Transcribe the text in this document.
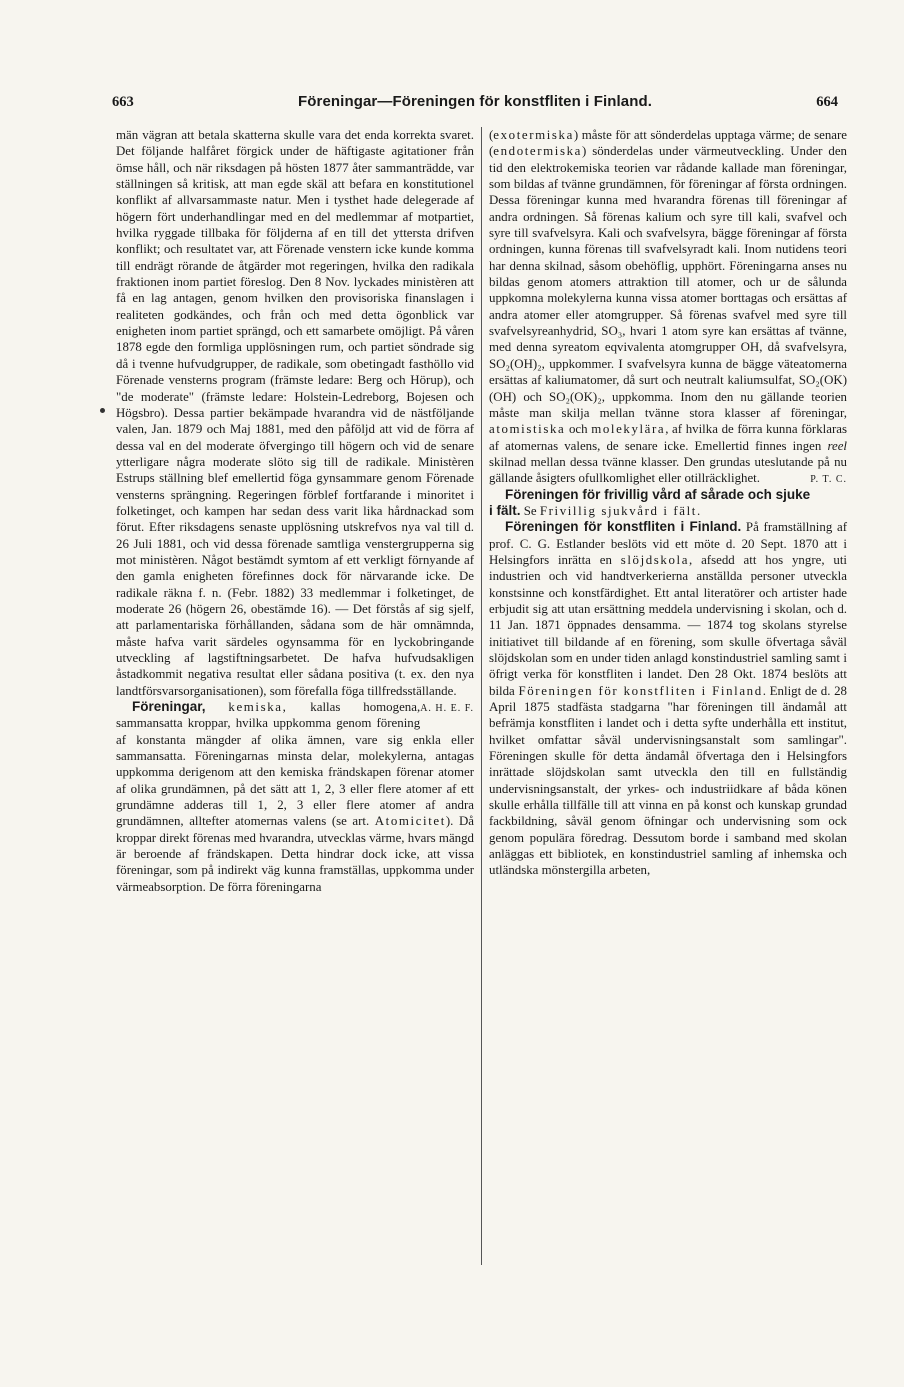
663	Föreningar—Föreningen för konstfliten i Finland.	664

män vägran att betala skatterna skulle vara det enda korrekta svaret. Det följande halfåret förgick under de häftigaste agitationer från ömse håll, och när riksdagen på hösten 1877 åter sammanträdde, var ställningen så kritisk, att man egde skäl att befara en konstitutionel konflikt af allvarsammaste natur. Men i tysthet hade delegerade af högern fört underhandlingar med en del medlemmar af motpartiet, hvilka ryggade tillbaka för följderna af en till det yttersta drifven konflikt; och resultatet var, att Förenade venstern icke kunde komma till endrägt rörande de åtgärder mot regeringen, hvilka den radikala fraktionen inom partiet föreslog. Den 8 Nov. lyckades ministèren att få en lag antagen, genom hvilken den provisoriska finanslagen i realiteten godkändes, och från och med detta ögonblick var enigheten inom partiet sprängd, och ett samarbete omöjligt. På våren 1878 egde den formliga upplösningen rum, och partiet söndrade sig då i tvenne hufvudgrupper, de radikale, som obetingadt fasthöllo vid Förenade vensterns program (främste ledare: Berg och Hörup), och "de moderate" (främste ledare: Holstein-Ledreborg, Bojesen och Högsbro). Dessa partier bekämpade hvarandra vid de nästföljande valen, Jan. 1879 och Maj 1881, med den påföljd att vid de förra af dessa val en del moderate öfvergingo till högern och vid de senare ytterligare några moderate slöto sig till de radikale. Ministèren Estrups ställning blef emellertid föga gynsammare genom Förenade vensterns sprängning. Regeringen förblef fortfarande i minoritet i folketinget, och kampen har sedan dess varit lika hårdnackad som förut. Efter riksdagens senaste upplösning utskrefvos nya val till d. 26 Juli 1881, och vid dessa förenade samtliga venstergrupperna sig mot ministèren. Något bestämdt symtom af ett verkligt förnyande af den gamla enigheten förefinnes dock för närvarande icke. De radikale räkna f. n. (Febr. 1882) 33 medlemmar i folketinget, de moderate 26 (högern 26, obestämde 16). — Det förstås af sig sjelf, att parlamentariska förhållanden, sådana som de här omnämnda, måste hafva varit särdeles ogynsamma för en lyckobringande utveckling af lagstiftningsarbetet. De hafva hufvudsakligen åstadkommit negativa resultat eller sådana positiva (t. ex. den nya landtförsvarsorganisationen), som förefalla föga tillfredsställande.
A. H. E. F.

Föreningar, kemiska, kallas homogena, sammansatta kroppar, hvilka uppkomma genom förening af konstanta mängder af olika ämnen, vare sig enkla eller sammansatta. Föreningarnas minsta delar, molekylerna, antagas uppkomma derigenom att den kemiska frändskapen förenar atomer af olika grundämnen, på det sätt att 1, 2, 3 eller flere atomer af ett grundämne adderas till 1, 2, 3 eller flere atomer af andra grundämnen, alltefter atomernas valens (se art. Atomicitet). Då kroppar direkt förenas med hvarandra, utvecklas värme, hvars mängd är beroende af frändskapen. Detta hindrar dock icke, att vissa föreningar, som på indirekt väg kunna framställas, uppkomma under värmeabsorption. De förra föreningarna

(exotermiska) måste för att sönderdelas upptaga värme; de senare (endotermiska) sönderdelas under värmeutveckling. Under den tid den elektrokemiska teorien var rådande kallade man föreningar, som bildas af tvänne grundämnen, för föreningar af första ordningen. Dessa föreningar kunna med hvarandra förenas till föreningar af andra ordningen. Så förenas kalium och syre till kali, svafvel och syre till svafvelsyra. Kali och svafvelsyra, bägge föreningar af första ordningen, kunna förenas till svafvelsyradt kali. Inom nutidens teori har denna skilnad, såsom obehöflig, upphört. Föreningarna anses nu bildas genom atomers attraktion till atomer, och ur de sålunda uppkomna molekylerna kunna vissa atomer borttagas och ersättas af andra atomer eller atomgrupper. Så förenas svafvel med syre till svafvelsyreanhydrid, SO₃, hvari 1 atom syre kan ersättas af tvänne, med denna syreatom eqvivalenta atomgrupper OH, då svafvelsyra, SO₂(OH)₂, uppkommer. I svafvelsyra kunna de bägge väteatomerna ersättas af kaliumatomer, då surt och neutralt kaliumsulfat, SO₂(OK)(OH) och SO₂(OK)₂, uppkomma. Inom den nu gällande teorien måste man skilja mellan tvänne stora klasser af föreningar, atomistiska och molekylära, af hvilka de förra kunna förklaras af atomernas valens, de senare icke. Emellertid finnes ingen reel skilnad mellan dessa tvänne klasser. Den grundas uteslutande på nu gällande åsigters ofullkomlighet eller otillräcklighet.	P. T. C.

Föreningen för frivillig vård af sårade och sjuke i fält. Se Frivillig sjukvård i fält.

Föreningen för konstfliten i Finland. På framställning af prof. C. G. Estlander beslöts vid ett möte d. 20 Sept. 1870 att i Helsingfors inrätta en slöjdskola, afsedd att hos yngre, uti industrien och vid handtverkerierna anställda personer utveckla konstsinne och konstfärdighet. Ett antal literatörer och artister hade erbjudit sig att utan ersättning meddela undervisning i skolan, och d. 11 Jan. 1871 öppnades densamma. — 1874 tog skolans styrelse initiativet till bildande af en förening, som skulle öfvertaga såväl slöjdskolan som en under tiden anlagd konstindustriel samling samt i öfrigt verka för konstfliten i landet. Den 28 Okt. 1874 beslöts att bilda Föreningen för konstfliten i Finland. Enligt de d. 28 April 1875 stadfästa stadgarna "har föreningen till ändamål att befrämja konstfliten i landet och i detta syfte underhålla ett institut, hvilket omfattar såväl undervisningsanstalt som samlingar". Föreningen skulle för detta ändamål öfvertaga den i Helsingfors inrättade slöjdskolan samt utveckla den till en fullständig undervisningsanstalt, der yrkes- och industriidkare af båda könen skulle erhålla tillfälle till att vinna en på konst och kunskap grundad fackbildning, såväl genom öfningar och undervisning som ock genom populära föredrag. Dessutom borde i samband med skolan anläggas ett bibliotek, en konstindustriel samling af inhemska och utländska mönstergilla arbeten,
